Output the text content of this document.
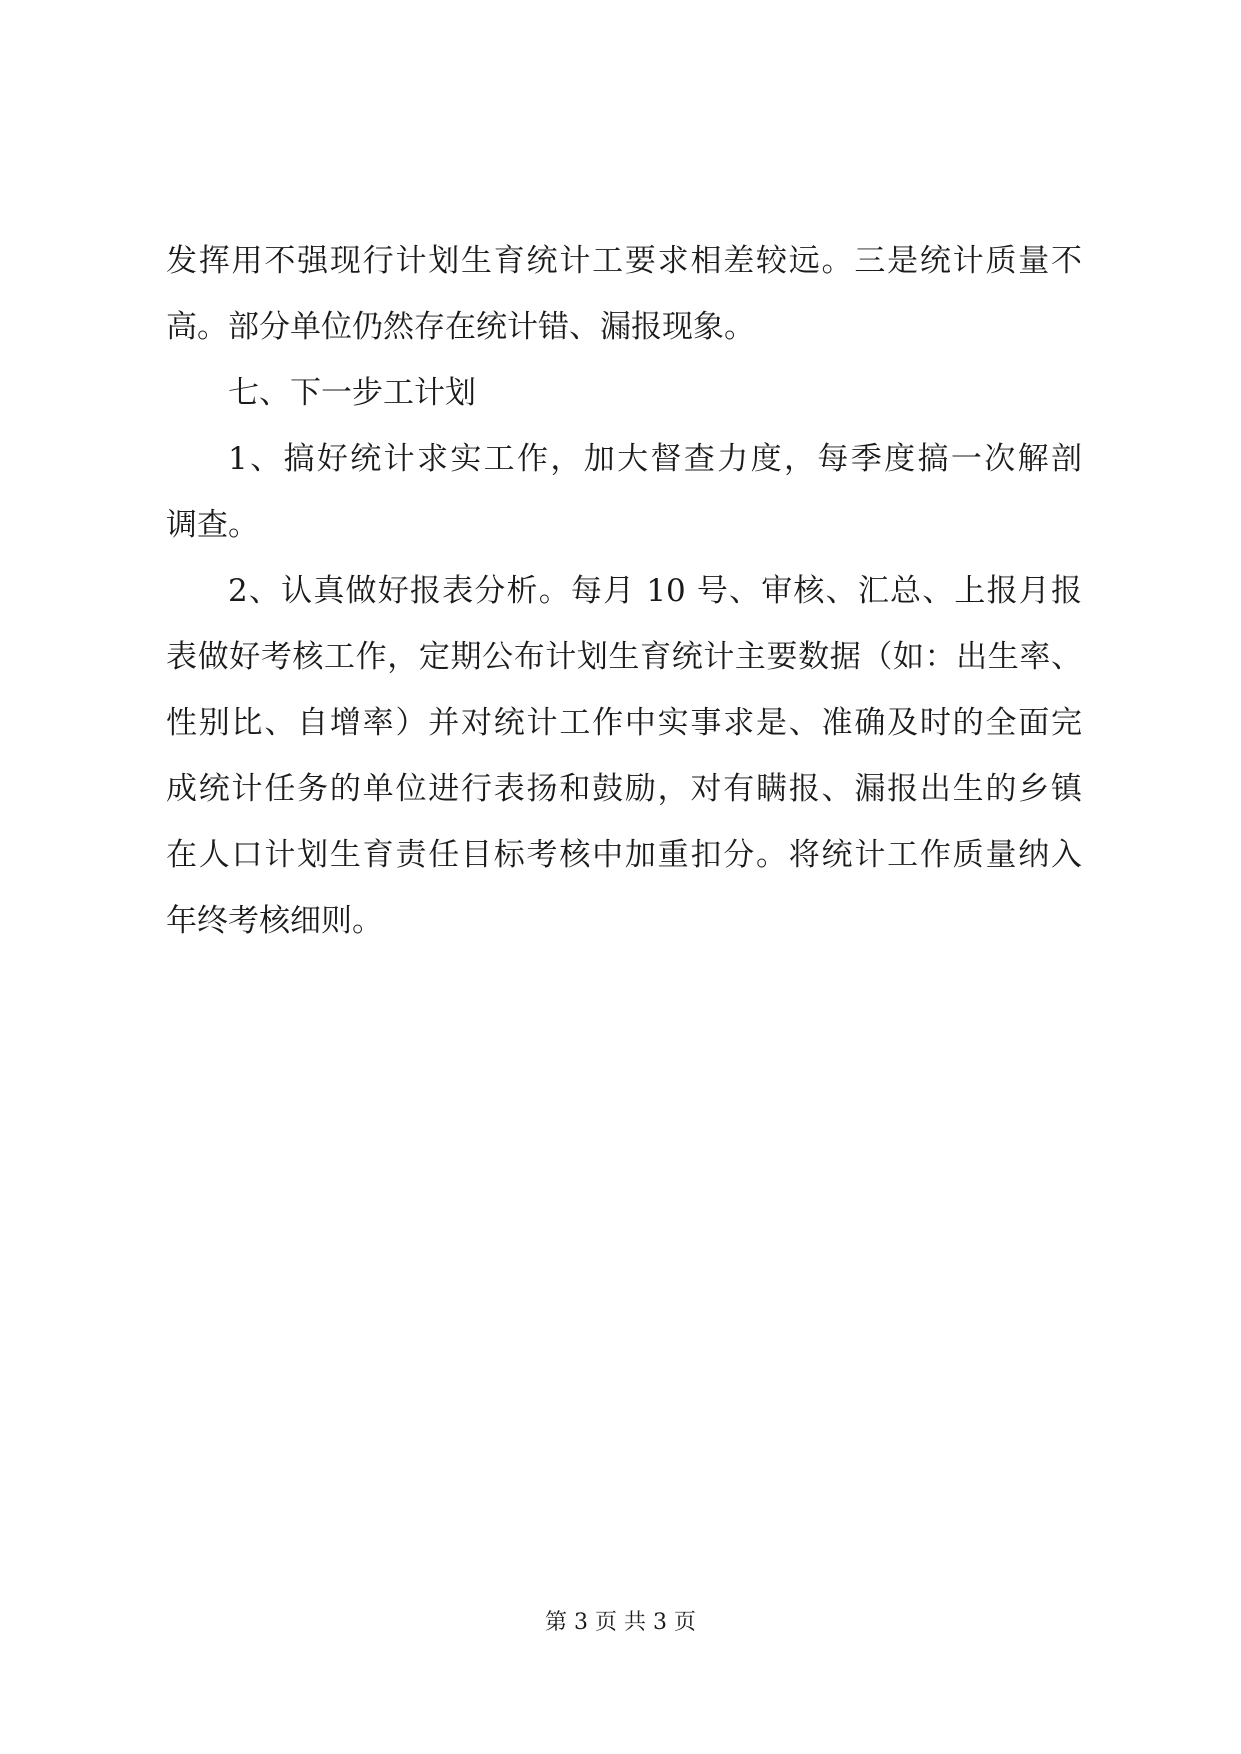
发挥用不强现行计划生育统计工要求相差较远。三是统计质量不
高。部分单位仍然存在统计错、漏报现象。
七、下一步工计划
1、搞好统计求实工作，加大督查力度，每季度搞一次解剖
调查。
2、认真做好报表分析。每月 10 号、审核、汇总、上报月报
表做好考核工作，定期公布计划生育统计主要数据（如：出生率、
性别比、自增率）并对统计工作中实事求是、准确及时的全面完
成统计任务的单位进行表扬和鼓励，对有瞒报、漏报出生的乡镇
在人口计划生育责任目标考核中加重扣分。将统计工作质量纳入
年终考核细则。
第 3 页 共 3 页
